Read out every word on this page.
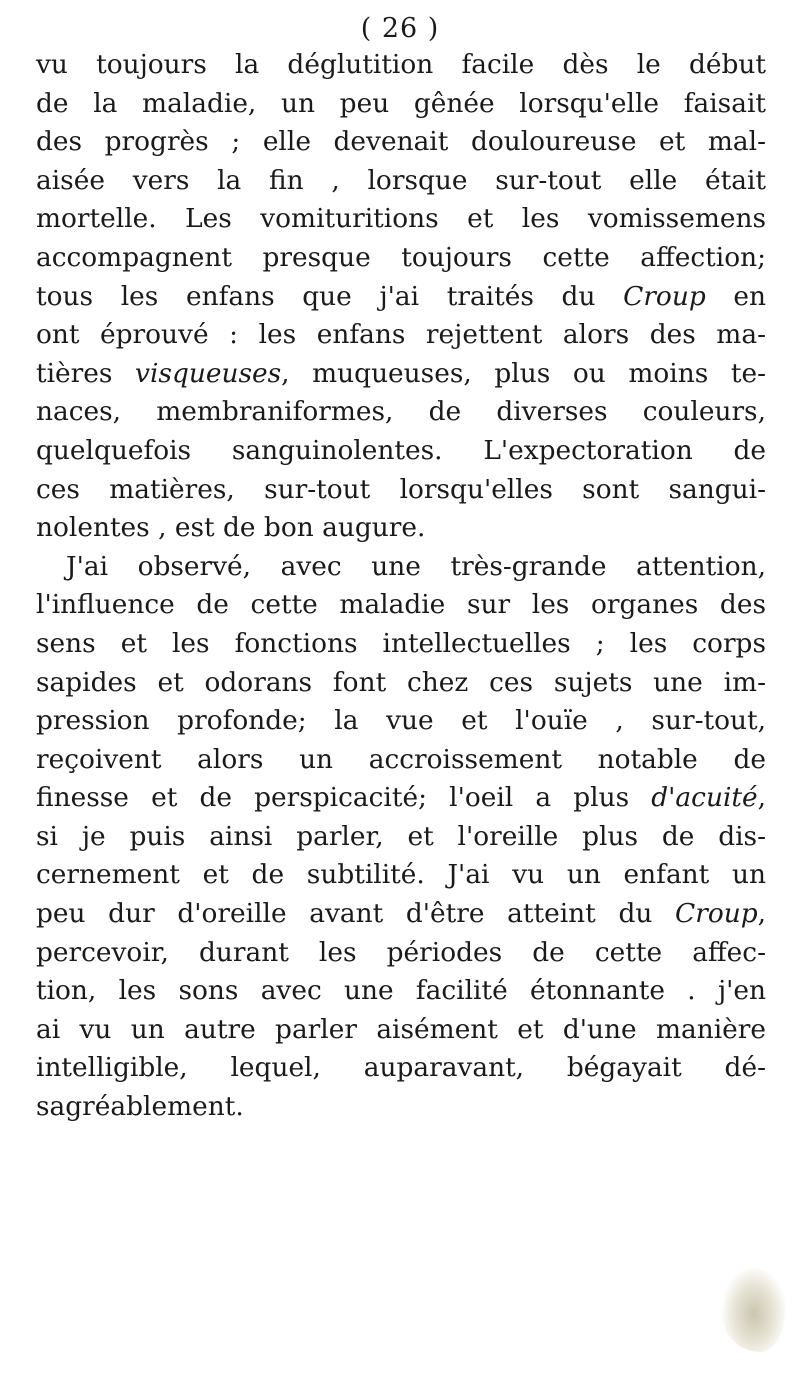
( 26 )
vu toujours la déglutition facile dès le début
de la maladie, un peu gênée lorsqu'elle faisait
des progrès ; elle devenait douloureuse et mal-
aisée vers la fin , lorsque sur-tout elle était
mortelle. Les vomituritions et les vomissemens
accompagnent presque toujours cette affection;
tous les enfans que j'ai traités du Croup en
ont éprouvé : les enfans rejettent alors des ma-
tières visqueuses, muqueuses, plus ou moins te-
naces, membraniformes, de diverses couleurs,
quelquefois sanguinolentes. L'expectoration de
ces matières, sur-tout lorsqu'elles sont sangui-
nolentes , est de bon augure.
J'ai observé, avec une très-grande attention,
l'influence de cette maladie sur les organes des
sens et les fonctions intellectuelles ; les corps
sapides et odorans font chez ces sujets une im-
pression profonde; la vue et l'ouïe , sur-tout,
reçoivent alors un accroissement notable de
finesse et de perspicacité; l'oeil a plus d'acuité,
si je puis ainsi parler, et l'oreille plus de dis-
cernement et de subtilité. J'ai vu un enfant un
peu dur d'oreille avant d'être atteint du Croup,
percevoir, durant les périodes de cette affec-
tion, les sons avec une facilité étonnante . j'en
ai vu un autre parler aisément et d'une manière
intelligible, lequel, auparavant, bégayait dé-
sagréablement.
